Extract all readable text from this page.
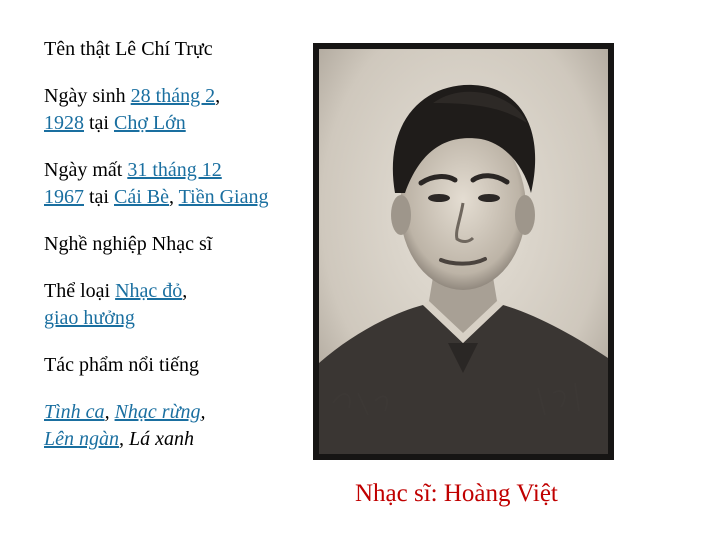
Tên thật Lê Chí Trực

Ngày sinh 28 tháng 2,
1928 tại Chợ Lớn

Ngày mất 31 tháng 12
1967 tại Cái Bè, Tiền Giang

Nghề nghiệp Nhạc sĩ

Thể loại Nhạc đỏ,
giao hưởng

Tác phẩm nổi tiếng

Tình ca, Nhạc rừng,
Lên ngàn, Lá xanh

Nhạc sĩ: Hoàng Việt
